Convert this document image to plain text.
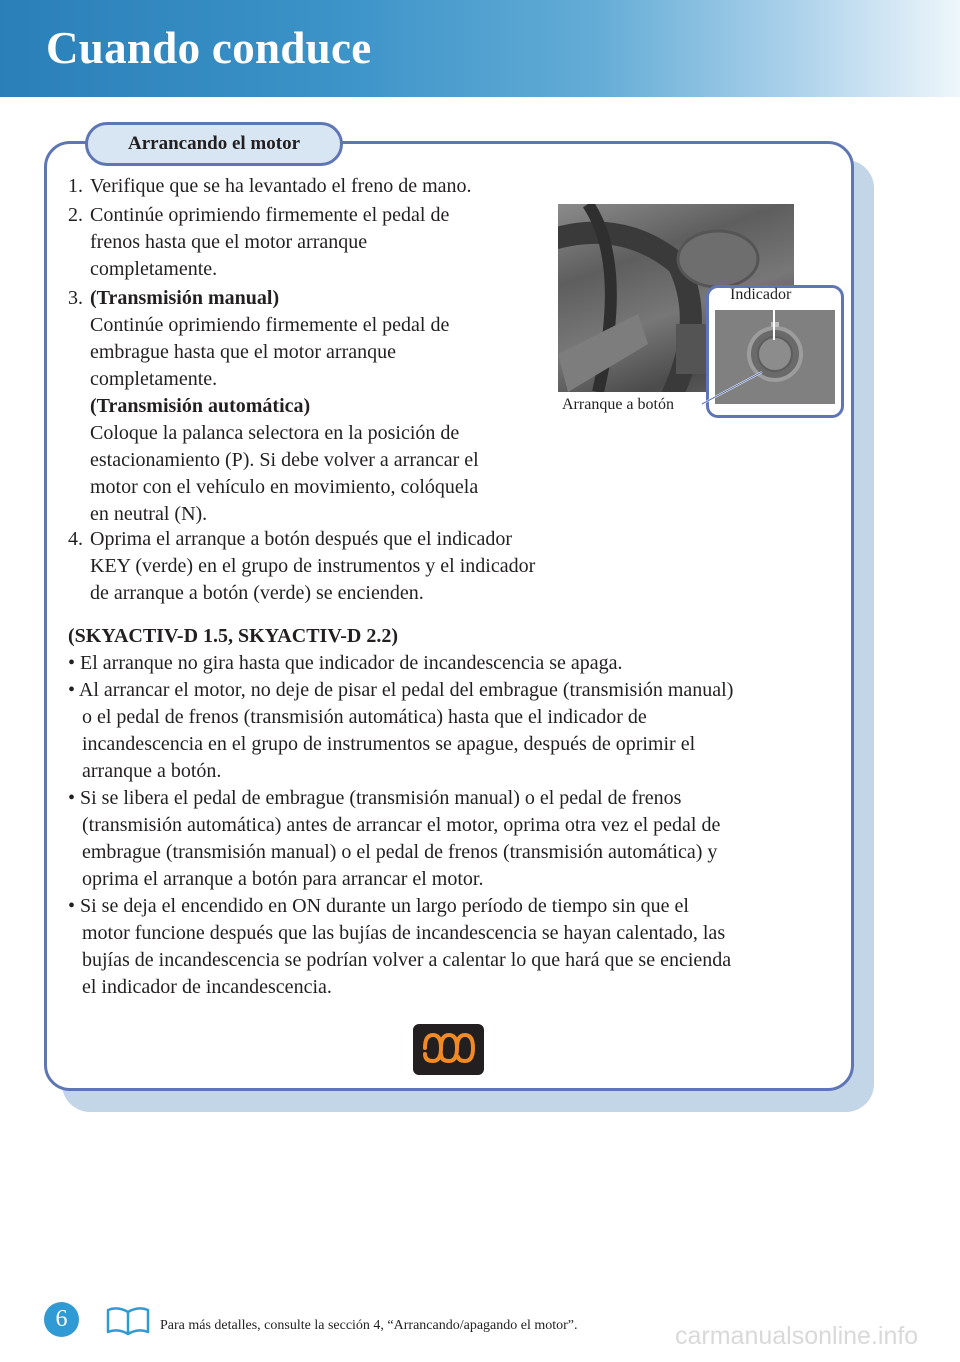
Cuando conduce
Arrancando el motor
1. Verifique que se ha levantado el freno de mano.
2. Continúe oprimiendo firmemente el pedal de
frenos hasta que el motor arranque
completamente.
3. (Transmisión manual)
Continúe oprimiendo firmemente el pedal de
embrague hasta que el motor arranque
completamente.
(Transmisión automática)
Coloque la palanca selectora en la posición de
estacionamiento (P). Si debe volver a arrancar el
motor con el vehículo en movimiento, colóquela
en neutral (N).
4. Oprima el arranque a botón después que el indicador
KEY (verde) en el grupo de instrumentos y el indicador
de arranque a botón (verde) se encienden.
Indicador
Arranque a botón
(SKYACTIV-D 1.5, SKYACTIV-D 2.2)
• El arranque no gira hasta que indicador de incandescencia se apaga.
• Al arrancar el motor, no deje de pisar el pedal del embrague (transmisión manual)
o el pedal de frenos (transmisión automática) hasta que el indicador de
incandescencia en el grupo de instrumentos se apague, después de oprimir el
arranque a botón.
• Si se libera el pedal de embrague (transmisión manual) o el pedal de frenos
(transmisión automática) antes de arrancar el motor, oprima otra vez el pedal de
embrague (transmisión manual) o el pedal de frenos (transmisión automática) y
oprima el arranque a botón para arrancar el motor.
• Si se deja el encendido en ON durante un largo período de tiempo sin que el
motor funcione después que las bujías de incandescencia se hayan calentado, las
bujías de incandescencia se podrían volver a calentar lo que hará que se encienda
el indicador de incandescencia.
6	Para más detalles, consulte la sección 4, “Arrancando/apagando el motor”.	carmanualsonline.info
